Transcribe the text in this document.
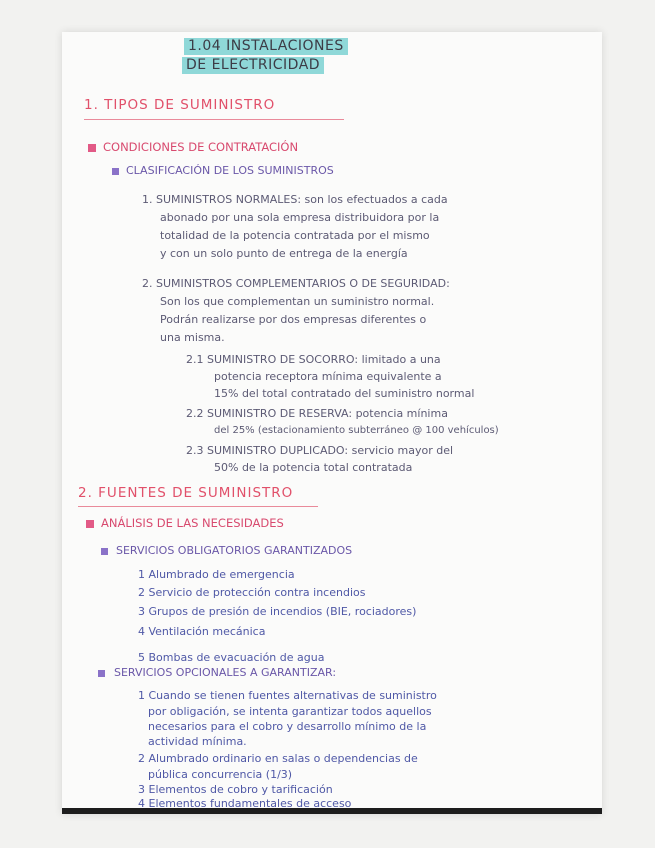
1.04 INSTALACIONES
DE ELECTRICIDAD
1. TIPOS DE SUMINISTRO
CONDICIONES DE CONTRATACIÓN
CLASIFICACIÓN DE LOS SUMINISTROS
1. SUMINISTROS NORMALES: son los efectuados a cada
abonado por una sola empresa distribuidora por la
totalidad de la potencia contratada por el mismo
y con un solo punto de entrega de la energía
2. SUMINISTROS COMPLEMENTARIOS O DE SEGURIDAD:
Son los que complementan un suministro normal.
Podrán realizarse por dos empresas diferentes o
una misma.
2.1 SUMINISTRO DE SOCORRO: limitado a una
potencia receptora mínima equivalente a
15% del total contratado del suministro normal
2.2 SUMINISTRO DE RESERVA: potencia mínima
del 25% (estacionamiento subterráneo @ 100 vehículos)
2.3 SUMINISTRO DUPLICADO: servicio mayor del
50% de la potencia total contratada
2. FUENTES DE SUMINISTRO
ANÁLISIS DE LAS NECESIDADES
SERVICIOS OBLIGATORIOS GARANTIZADOS
1 Alumbrado de emergencia
2 Servicio de protección contra incendios
3 Grupos de presión de incendios (BIE, rociadores)
4 Ventilación mecánica
5 Bombas de evacuación de agua
SERVICIOS OPCIONALES A GARANTIZAR:
1 Cuando se tienen fuentes alternativas de suministro
por obligación, se intenta garantizar todos aquellos
necesarios para el cobro y desarrollo mínimo de la
actividad mínima.
2 Alumbrado ordinario en salas o dependencias de
pública concurrencia (1/3)
3 Elementos de cobro y tarificación
4 Elementos fundamentales de acceso
